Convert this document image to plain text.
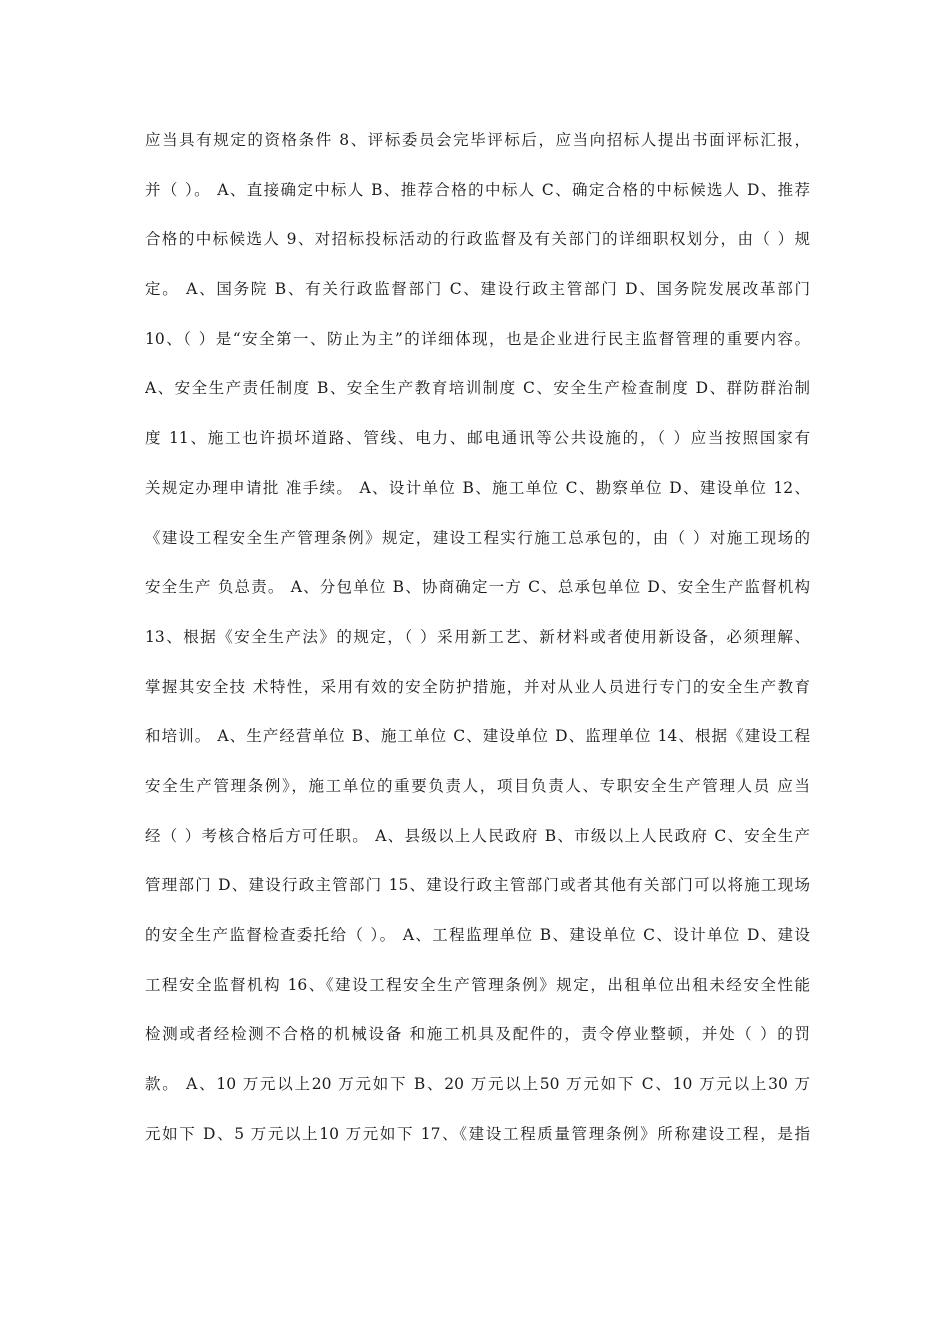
应当具有规定的资格条件 8、评标委员会完毕评标后，应当向招标人提出书面评标汇报，
并（ ）。 A、直接确定中标人 B、推荐合格的中标人 C、确定合格的中标候选人 D、推荐
合格的中标候选人 9、对招标投标活动的行政监督及有关部门的详细职权划分，由（ ）规
定。 A、国务院 B、有关行政监督部门 C、建设行政主管部门 D、国务院发展改革部门
10、（ ）是“安全第一、防止为主”的详细体现，也是企业进行民主监督管理的重要内容。
A、安全生产责任制度 B、安全生产教育培训制度 C、安全生产检查制度 D、群防群治制
度 11、施工也许损坏道路、管线、电力、邮电通讯等公共设施的，（ ）应当按照国家有
关规定办理申请批 准手续。 A、设计单位 B、施工单位 C、勘察单位 D、建设单位 12、
《建设工程安全生产管理条例》规定，建设工程实行施工总承包的，由（ ）对施工现场的
安全生产 负总责。 A、分包单位 B、协商确定一方 C、总承包单位 D、安全生产监督机构
13、根据《安全生产法》的规定，（ ）采用新工艺、新材料或者使用新设备，必须理解、
掌握其安全技 术特性，采用有效的安全防护措施，并对从业人员进行专门的安全生产教育
和培训。 A、生产经营单位 B、施工单位 C、建设单位 D、监理单位 14、根据《建设工程
安全生产管理条例》，施工单位的重要负责人，项目负责人、专职安全生产管理人员 应当
经（ ）考核合格后方可任职。 A、县级以上人民政府 B、市级以上人民政府 C、安全生产
管理部门 D、建设行政主管部门 15、建设行政主管部门或者其他有关部门可以将施工现场
的安全生产监督检查委托给（ ）。 A、工程监理单位 B、建设单位 C、设计单位 D、建设
工程安全监督机构 16、《建设工程安全生产管理条例》规定，出租单位出租未经安全性能
检测或者经检测不合格的机械设备 和施工机具及配件的，责令停业整顿，并处（ ）的罚
款。 A、10 万元以上20 万元如下 B、20 万元以上50 万元如下 C、10 万元以上30 万
元如下 D、5 万元以上10 万元如下 17、《建设工程质量管理条例》所称建设工程，是指
